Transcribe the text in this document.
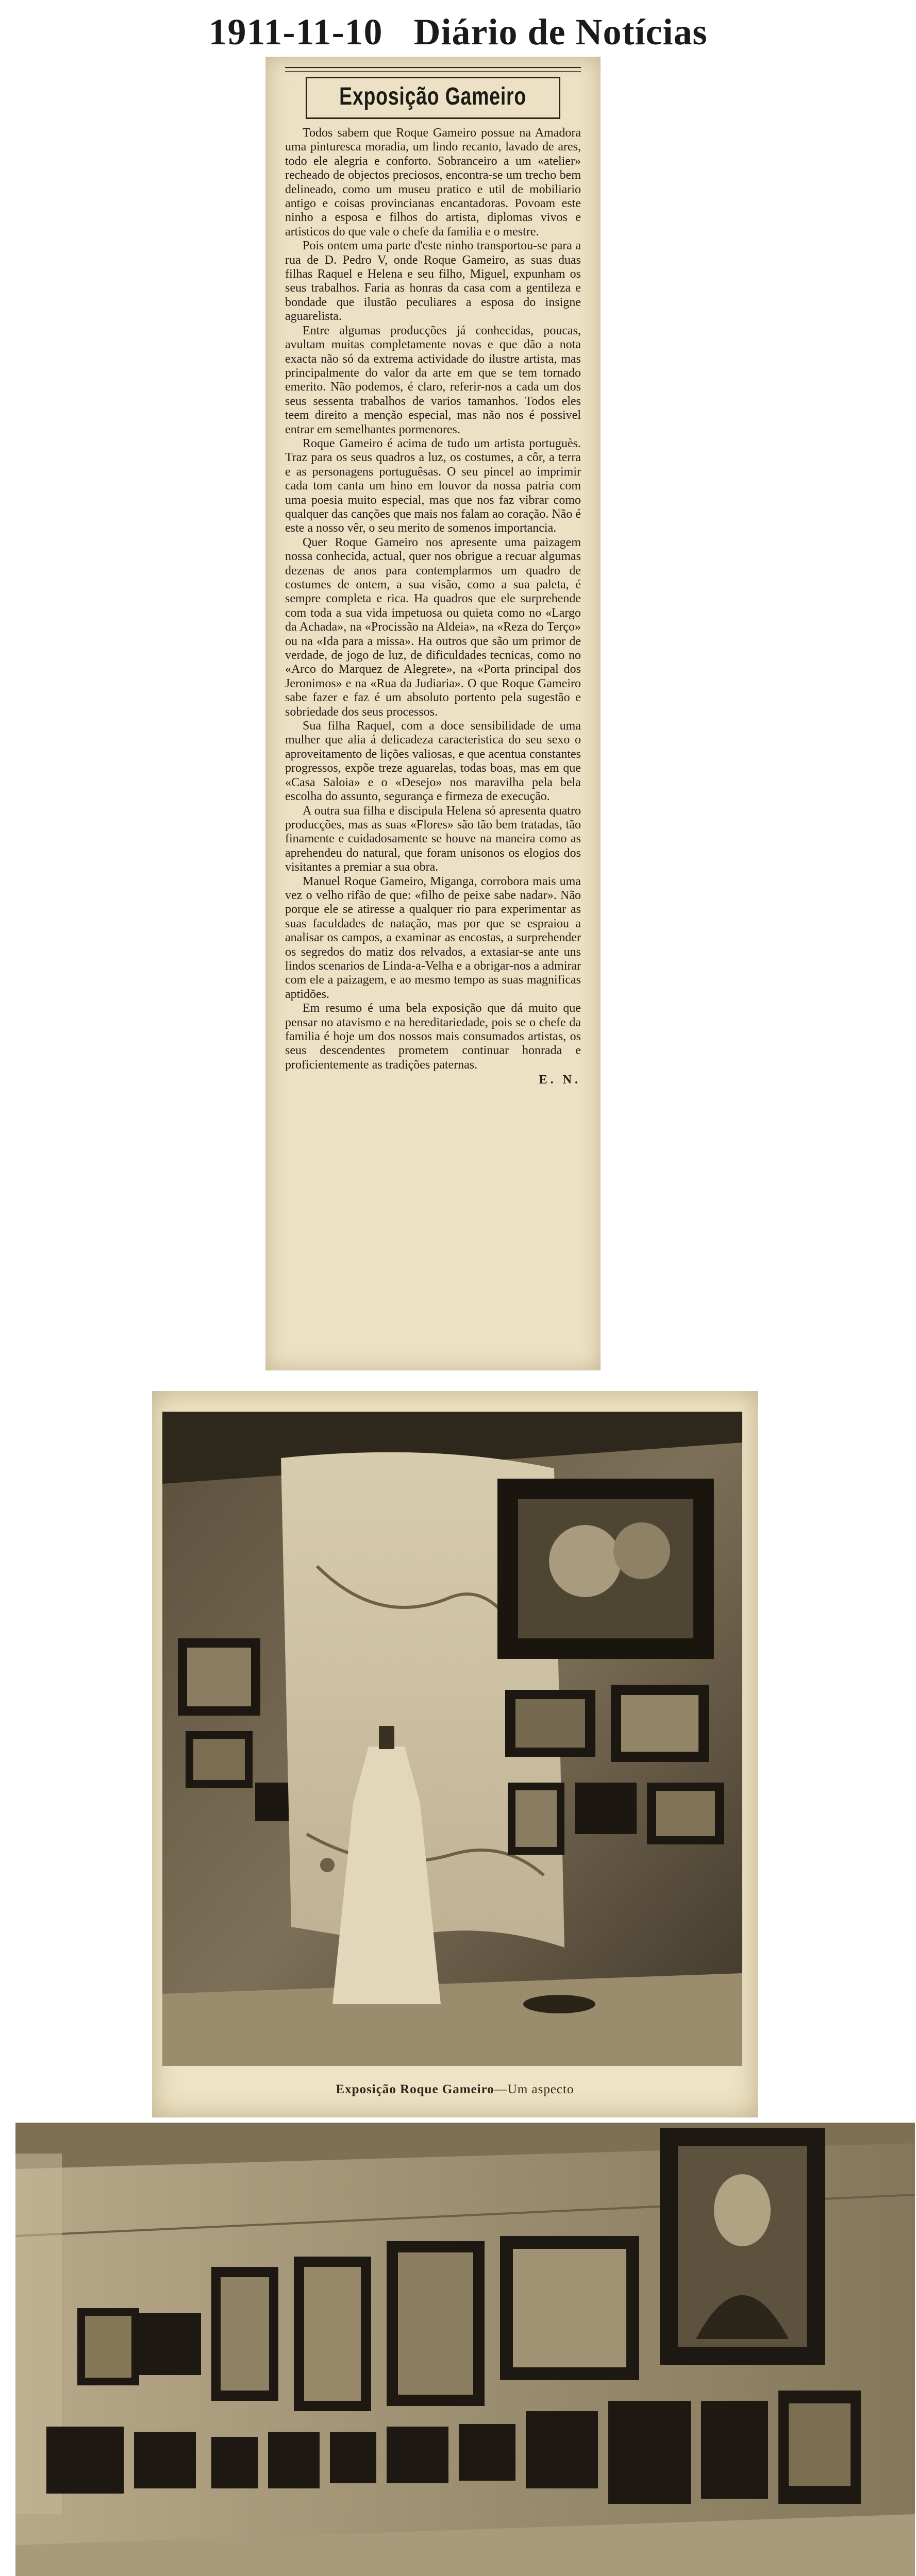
1911-11-10 Diário de Notícias
Exposição Gameiro

Todos sabem que Roque Gameiro possue na Amadora uma pinturesca moradia, um lindo recanto, lavado de ares, todo ele alegria e conforto. Sobranceiro a um «atelier» recheado de objectos preciosos, encontra-se um trecho bem delineado, como um museu pratico e util de mobiliario antigo e coisas provincianas encantadoras. Povoam este ninho a esposa e filhos do artista, diplomas vivos e artisticos do que vale o chefe da familia e o mestre.

Pois ontem uma parte d'este ninho transportou-se para a rua de D. Pedro V, onde Roque Gameiro, as suas duas filhas Raquel e Helena e seu filho, Miguel, expunham os seus trabalhos. Faria as honras da casa com a gentileza e bondade que ilustão peculiares a esposa do insigne aguarelista.

Entre algumas producções já conhecidas, poucas, avultam muitas completamente novas e que dão a nota exacta não só da extrema actividade do ilustre artista, mas principalmente do valor da arte em que se tem tornado emerito. Não podemos, é claro, referir-nos a cada um dos seus sessenta trabalhos de varios tamanhos. Todos eles teem direito a menção especial, mas não nos é possivel entrar em semelhantes pormenores.

Roque Gameiro é acima de tudo um artista portuguès. Traz para os seus quadros a luz, os costumes, a côr, a terra e as personagens portuguêsas. O seu pincel ao imprimir cada tom canta um hino em louvor da nossa patria com uma poesia muito especial, mas que nos faz vibrar como qualquer das canções que mais nos falam ao coração. Não é este a nosso vêr, o seu merito de somenos importancia.

Quer Roque Gameiro nos apresente uma paizagem nossa conhecida, actual, quer nos obrigue a recuar algumas dezenas de anos para contemplarmos um quadro de costumes de ontem, a sua visão, como a sua paleta, é sempre completa e rica. Ha quadros que ele surprehende com toda a sua vida impetuosa ou quieta como no «Largo da Achada», na «Procissão na Aldeia», na «Reza do Terço» ou na «Ida para a missa». Ha outros que são um primor de verdade, de jogo de luz, de dificuldades tecnicas, como no «Arco do Marquez de Alegrete», na «Porta principal dos Jeronimos» e na «Rua da Judiaria». O que Roque Gameiro sabe fazer e faz é um absoluto portento pela sugestão e sobriedade dos seus processos.

Sua filha Raquel, com a doce sensibilidade de uma mulher que alia á delicadeza caracteristica do seu sexo o aproveitamento de lições valiosas, e que acentua constantes progressos, expõe treze aguarelas, todas boas, mas em que «Casa Saloia» e o «Desejo» nos maravilha pela bela escolha do assunto, segurança e firmeza de execução.

A outra sua filha e discipula Helena só apresenta quatro producções, mas as suas «Flores» são tão bem tratadas, tão finamente e cuidadosamente se houve na maneira como as aprehendeu do natural, que foram unisonos os elogios dos visitantes a premiar a sua obra.

Manuel Roque Gameiro, Miganga, corrobora mais uma vez o velho rifão de que: «filho de peixe sabe nadar». Não porque ele se atiresse a qualquer rio para experimentar as suas faculdades de natação, mas por que se espraiou a analisar os campos, a examinar as encostas, a surprehender os segredos do matiz dos relvados, a extasiar-se ante uns lindos scenarios de Linda-a-Velha e a obrigar-nos a admirar com ele a paizagem, e ao mesmo tempo as suas magnificas aptidões.

Em resumo é uma bela exposição que dá muito que pensar no atavismo e na hereditariedade, pois se o chefe da familia é hoje um dos nossos mais consumados artistas, os seus descendentes prometem continuar honrada e proficientemente as tradições paternas.

E. N.
Exposição Roque Gameiro—Um aspecto
